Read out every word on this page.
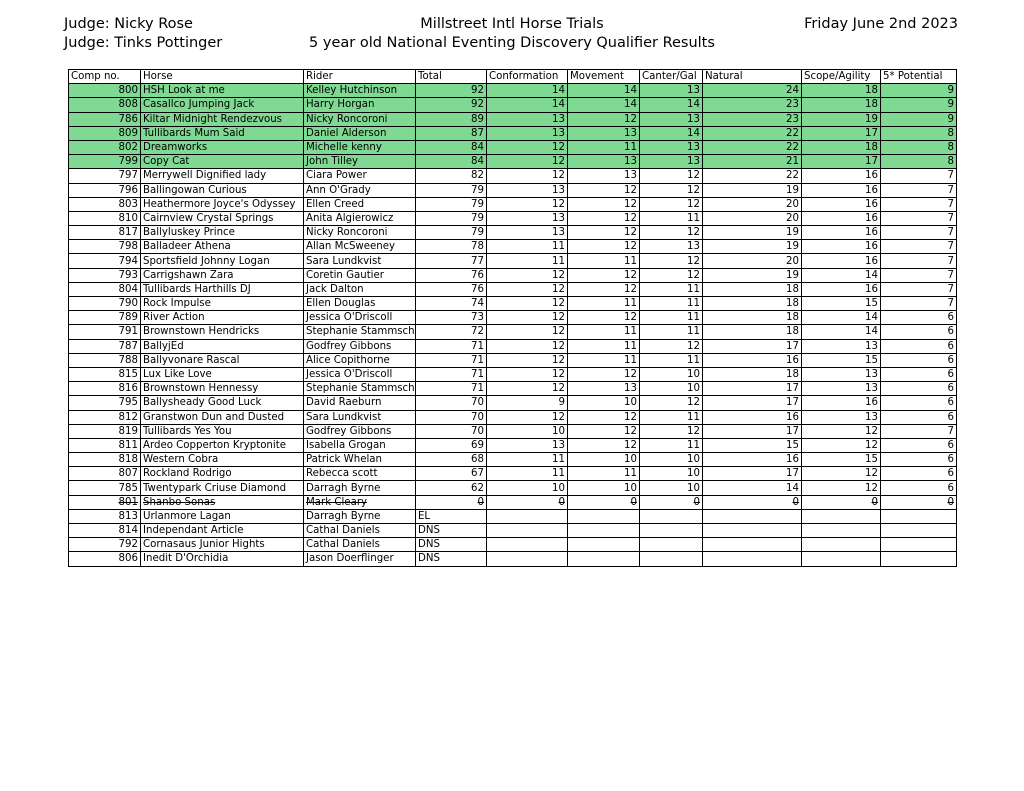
Judge: Nicky Rose
Judge: Tinks Pottinger
Millstreet Intl Horse Trials
5 year old National Eventing Discovery Qualifier Results
Friday June 2nd 2023
Comp no.	Horse	Rider	Total	Conformation	Movement	Canter/Gal	Natural	Scope/Agility	5* Potential
800	HSH Look at me	Kelley Hutchinson	92	14	14	13	24	18	9
808	Casallco Jumping Jack	Harry Horgan	92	14	14	14	23	18	9
786	Kiltar Midnight Rendezvous	Nicky Roncoroni	89	13	12	13	23	19	9
809	Tullibards Mum Said	Daniel Alderson	87	13	13	14	22	17	8
802	Dreamworks	Michelle kenny	84	12	11	13	22	18	8
799	Copy Cat	John Tilley	84	12	13	13	21	17	8
797	Merrywell Dignified lady	Ciara Power	82	12	13	12	22	16	7
796	Ballingowan Curious	Ann O'Grady	79	13	12	12	19	16	7
803	Heathermore Joyce's Odyssey	Ellen Creed	79	12	12	12	20	16	7
810	Cairnview Crystal Springs	Anita Algierowicz	79	13	12	11	20	16	7
817	Ballyluskey Prince	Nicky Roncoroni	79	13	12	12	19	16	7
798	Balladeer Athena	Allan McSweeney	78	11	12	13	19	16	7
794	Sportsfield Johnny Logan	Sara Lundkvist	77	11	11	12	20	16	7
793	Carrigshawn Zara	Coretin Gautier	76	12	12	12	19	14	7
804	Tullibards Harthills DJ	Jack Dalton	76	12	12	11	18	16	7
790	Rock Impulse	Ellen Douglas	74	12	11	11	18	15	7
789	River Action	Jessica O'Driscoll	73	12	12	11	18	14	6
791	Brownstown Hendricks	Stephanie Stammsch	72	12	11	11	18	14	6
787	BallyjEd	Godfrey Gibbons	71	12	11	12	17	13	6
788	Ballyvonare Rascal	Alice Copithorne	71	12	11	11	16	15	6
815	Lux Like Love	Jessica O'Driscoll	71	12	12	10	18	13	6
816	Brownstown Hennessy	Stephanie Stammsch	71	12	13	10	17	13	6
795	Ballysheady Good Luck	David Raeburn	70	9	10	12	17	16	6
812	Granstwon Dun and Dusted	Sara Lundkvist	70	12	12	11	16	13	6
819	Tullibards Yes You	Godfrey Gibbons	70	10	12	12	17	12	7
811	Ardeo Copperton Kryptonite	Isabella Grogan	69	13	12	11	15	12	6
818	Western Cobra	Patrick Whelan	68	11	10	10	16	15	6
807	Rockland Rodrigo	Rebecca scott	67	11	11	10	17	12	6
785	Twentypark Criuse Diamond	Darragh Byrne	62	10	10	10	14	12	6
801	Shanbo Sonas	Mark Cleary	0	0	0	0	0	0	0
813	Urlanmore Lagan	Darragh Byrne	EL						
814	Independant Article	Cathal Daniels	DNS						
792	Cornasaus Junior Hights	Cathal Daniels	DNS						
806	Inedit D'Orchidia	Jason Doerflinger	DNS						
